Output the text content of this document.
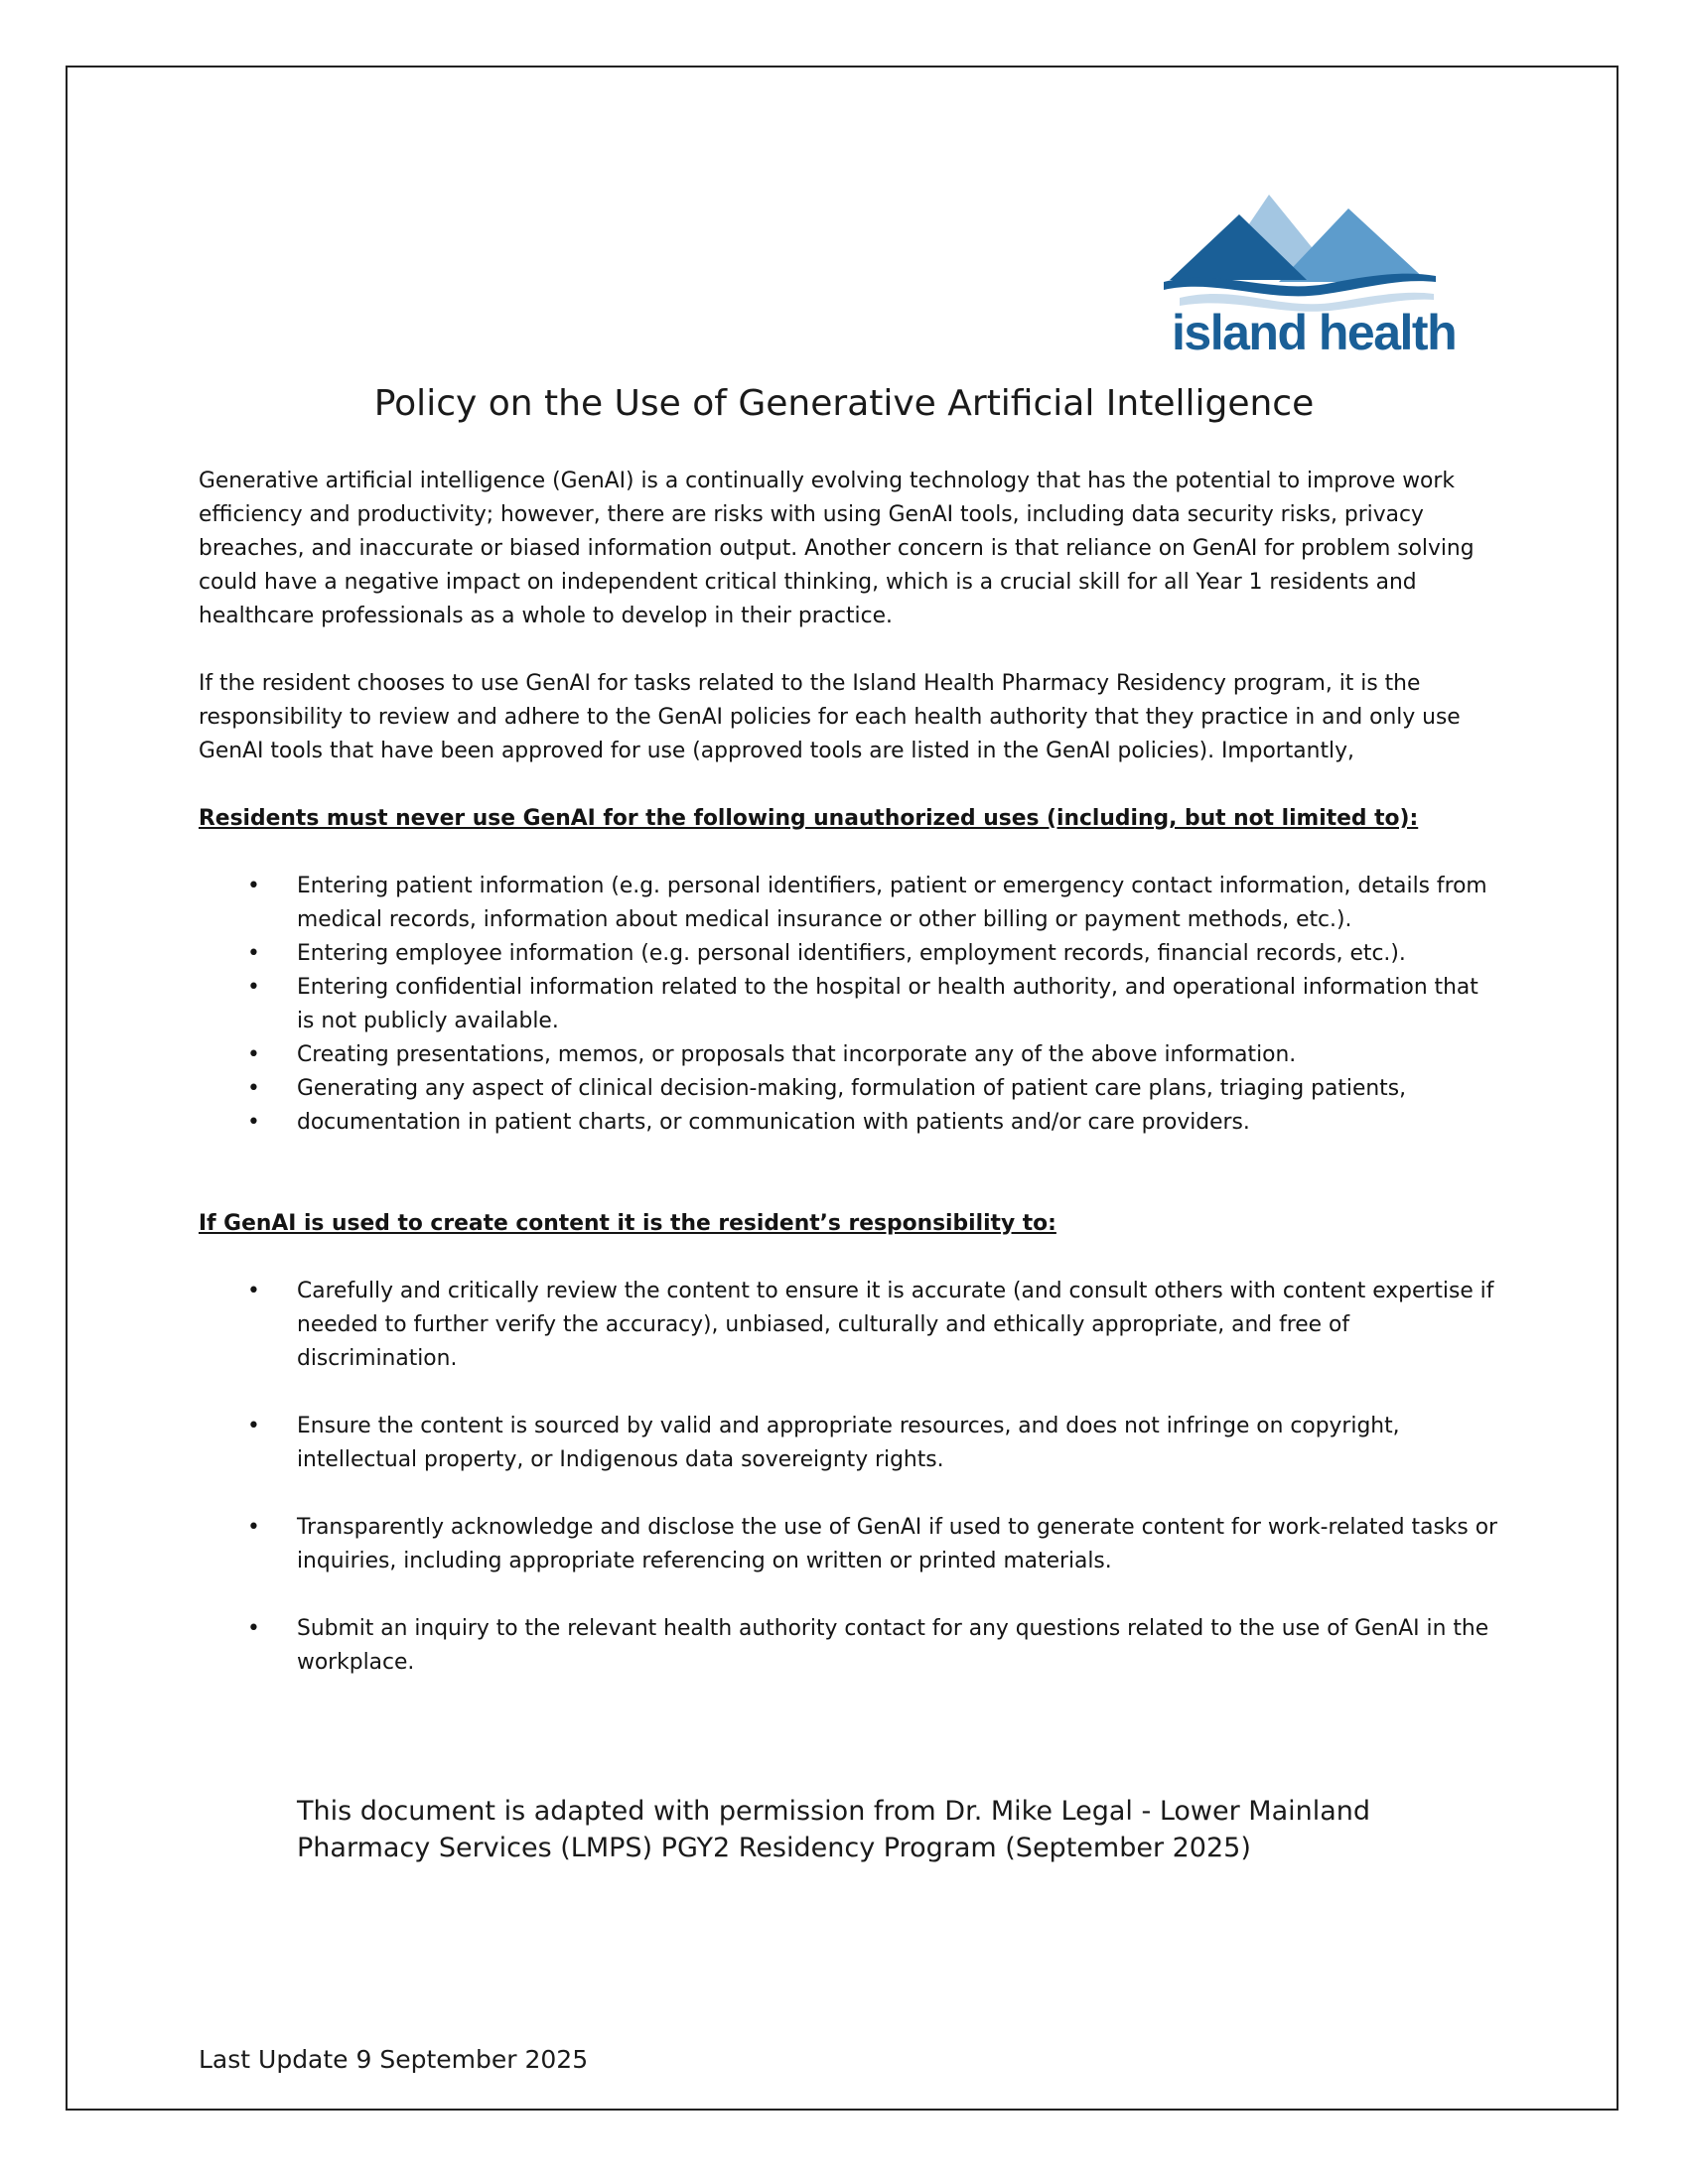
island health
Policy on the Use of Generative Artificial Intelligence

Generative artificial intelligence (GenAI) is a continually evolving technology that has the potential to improve work efficiency and productivity; however, there are risks with using GenAI tools, including data security risks, privacy breaches, and inaccurate or biased information output. Another concern is that reliance on GenAI for problem solving could have a negative impact on independent critical thinking, which is a crucial skill for all Year 1 residents and healthcare professionals as a whole to develop in their practice.

If the resident chooses to use GenAI for tasks related to the Island Health Pharmacy Residency program, it is the responsibility to review and adhere to the GenAI policies for each health authority that they practice in and only use GenAI tools that have been approved for use (approved tools are listed in the GenAI policies). Importantly,

Residents must never use GenAI for the following unauthorized uses (including, but not limited to):
• Entering patient information (e.g. personal identifiers, patient or emergency contact information, details from medical records, information about medical insurance or other billing or payment methods, etc.).
• Entering employee information (e.g. personal identifiers, employment records, financial records, etc.).
• Entering confidential information related to the hospital or health authority, and operational information that is not publicly available.
• Creating presentations, memos, or proposals that incorporate any of the above information.
• Generating any aspect of clinical decision-making, formulation of patient care plans, triaging patients,
• documentation in patient charts, or communication with patients and/or care providers.
If GenAI is used to create content it is the resident’s responsibility to:
• Carefully and critically review the content to ensure it is accurate (and consult others with content expertise if needed to further verify the accuracy), unbiased, culturally and ethically appropriate, and free of discrimination.
• Ensure the content is sourced by valid and appropriate resources, and does not infringe on copyright, intellectual property, or Indigenous data sovereignty rights.
• Transparently acknowledge and disclose the use of GenAI if used to generate content for work-related tasks or inquiries, including appropriate referencing on written or printed materials.
• Submit an inquiry to the relevant health authority contact for any questions related to the use of GenAI in the workplace.
This document is adapted with permission from Dr. Mike Legal - Lower Mainland Pharmacy Services (LMPS) PGY2 Residency Program (September 2025)
Last Update 9 September 2025
